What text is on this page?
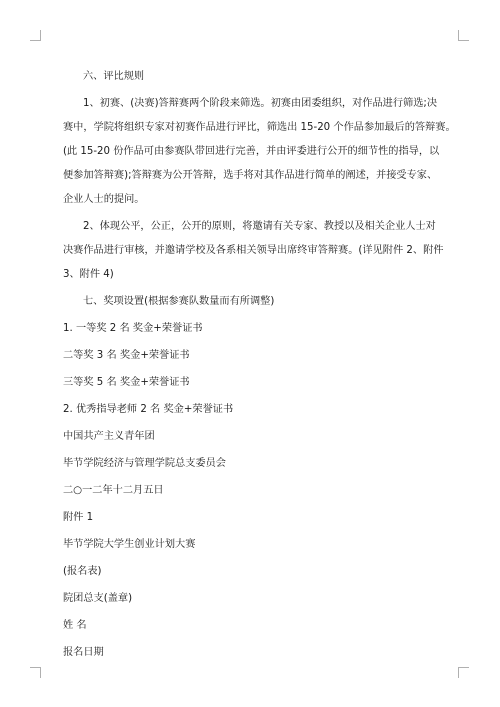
六、评比规则

1、初赛、(决赛)答辩赛两个阶段来筛选。初赛由团委组织，对作品进行筛选;决

赛中，学院将组织专家对初赛作品进行评比，筛选出 15-20 个作品参加最后的答辩赛。

(此 15-20 份作品可由参赛队带回进行完善，并由评委进行公开的细节性的指导，以

便参加答辩赛);答辩赛为公开答辩，选手将对其作品进行简单的阐述，并接受专家、

企业人士的提问。

2、体现公平，公正，公开的原则，将邀请有关专家、教授以及相关企业人士对

决赛作品进行审核，并邀请学校及各系相关领导出席终审答辩赛。(详见附件 2、附件

3、附件 4)

七、奖项设置(根据参赛队数量而有所调整)

1. 一等奖 2 名 奖金+荣誉证书

二等奖 3 名 奖金+荣誉证书

三等奖 5 名 奖金+荣誉证书

2. 优秀指导老师 2 名 奖金+荣誉证书

中国共产主义青年团

毕节学院经济与管理学院总支委员会

二○一二年十二月五日

附件 1

毕节学院大学生创业计划大赛

(报名表)

院团总支(盖章)

姓 名

报名日期
